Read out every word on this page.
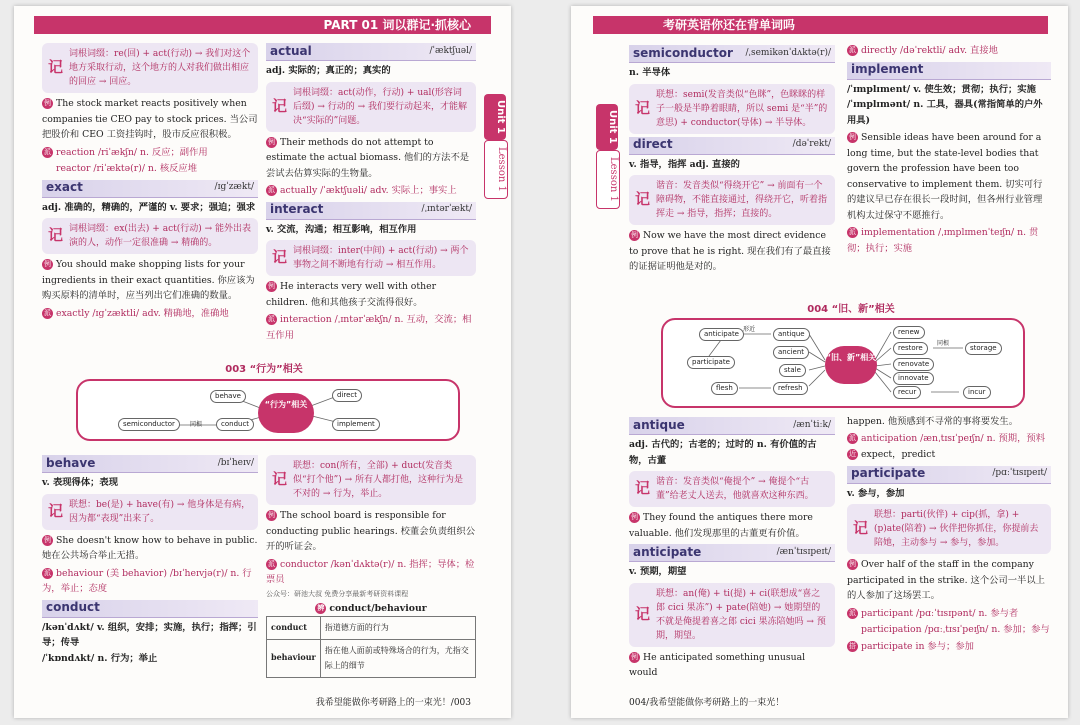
PART 01 词以群记·抓核心
Unit 1
Lesson 1
记
词根词缀：re(回) + act(行动) → 我们对这个地方采取行动，这个地方的人对我们做出相应的回应 → 回应。
例 The stock market reacts positively when companies tie CEO pay to stock prices. 当公司把股价和 CEO 工资挂钩时，股市反应很积极。
派 reaction /riˈækʃn/ n. 反应；副作用
reactor /riˈæktə(r)/ n. 核反应堆
exact	/ɪgˈzækt/
adj. 准确的，精确的，严谨的 v. 要求；强迫；强求
记 词根词缀：ex(出去) + act(行动) → 能外出表演的人，动作一定很准确 → 精确的。
例 You should make shopping lists for your ingredients in their exact quantities. 你应该为购买原料的清单时，应当列出它们准确的数量。
派 exactly /ɪgˈzæktli/ adv. 精确地，准确地
actual	/ˈæktʃuəl/
adj. 实际的；真正的；真实的
记
词根词缀：act(动作，行动) + ual(形容词后缀) → 行动的 → 我们要行动起来，才能解决“实际的”问题。
例 Their methods do not attempt to estimate the actual biomass. 他们的方法不是尝试去估算实际的生物量。
派 actually /ˈæktʃuəli/ adv. 实际上；事实上
interact	/ˌɪntərˈækt/
v. 交流，沟通；相互影响，相互作用
记 词根词缀：inter(中间) + act(行动) → 两个事物之间不断地有行动 → 相互作用。
例 He interacts very well with other children. 他和其他孩子交流得很好。
派 interaction /ˌɪntərˈækʃn/ n. 互动，交流；相互作用
003 “行为”相关
“行为”相关
behave
conduct
semiconductor
direct
implement
同根
behave	/bɪˈheɪv/
v. 表现得体；表现
记 联想：be(是) + have(有) → 他身体是有病，因为都“表现”出来了。
例 She doesn't know how to behave in public. 她在公共场合举止无措。
派 behaviour (美 behavior) /bɪˈheɪvjə(r)/ n. 行为，举止；态度
conduct
/kənˈdʌkt/ v. 组织，安排；实施，执行；指挥；引导；传导
/ˈkɒndʌkt/ n. 行为；举止
记
联想：con(所有，全部) + duct(发音类似“打个他”) → 所有人都打他，这种行为是不对的 → 行为，举止。
例 The school board is responsible for conducting public hearings. 校董会负责组织公开的听证会。
派 conductor /kənˈdʌktə(r)/ n. 指挥；导体；检票员
公众号：研池大叔 免费分享最新考研资料课程
辨 conduct/behaviour
conduct	指道德方面的行为
behaviour	指在他人面前或特殊场合的行为，尤指交际上的细节
我希望能做你考研路上的一束光！/003
考研英语你还在背单词吗
Unit 1
Lesson 1
semiconductor /ˌsemikənˈdʌktə(r)/
n. 半导体
记
联想：semi(发音类似“色眯”，色眯眯的样子一般是半睁着眼睛，所以 semi 是“半”的意思) + conductor(导体) → 半导体。
direct	/dəˈrekt/
v. 指导，指挥 adj. 直接的
记
谐音：发音类似“得绕开它” → 前面有一个障碍物，不能直接通过，得绕开它，听着指挥走 → 指导，指挥；直接的。
例 Now we have the most direct evidence to prove that he is right. 现在我们有了最直接的证据证明他是对的。
派 directly /dəˈrektli/ adv. 直接地
implement
/ˈɪmplɪment/ v. 使生效；贯彻；执行；实施
/ˈɪmplɪmənt/ n. 工具，器具(常指简单的户外用具)
例 Sensible ideas have been around for a long time, but the state-level bodies that govern the profession have been too conservative to implement them. 切实可行的建议早已存在很长一段时间，但各州行业管理机构太过保守不愿推行。
派 implementation /ˌɪmplɪmenˈteɪʃn/ n. 贯彻；执行；实施
004 “旧、新”相关
“旧、新”相关
anticipate
participate
antique
ancient
stale
refresh
flesh
renew
restore
renovate
innovate
recur	incur
storage
形近
同根
antique	/ænˈtiːk/
adj. 古代的；古老的；过时的 n. 有价值的古物，古董
记 谐音：发音类似“俺提个” → 俺提个“古董”给老丈人送去，他就喜欢这种东西。
例 They found the antiques there more valuable. 他们发现那里的古董更有价值。
anticipate	/ænˈtɪsɪpeɪt/
v. 预期，期望
记
联想：an(俺) + ti(提) + ci(联想成“喜之郎 cici 果冻”) + pate(陪她) → 她期望的不就是俺提着喜之郎 cici 果冻陪她吗 → 预期，期望。
例 He anticipated something unusual would
happen. 他预感到不寻常的事将要发生。
派 anticipation /ænˌtɪsɪˈpeɪʃn/ n. 预期，预料
近 expect，predict
participate	/pɑːˈtɪsɪpeɪt/
v. 参与，参加
记
联想：parti(伙伴) + cip(抓，拿) + (p)ate(陪着) → 伙伴把你抓住，你提前去陪她，主动参与 → 参与，参加。
例 Over half of the staff in the company participated in the strike. 这个公司一半以上的人参加了这场罢工。
派 participant /pɑːˈtɪsɪpənt/ n. 参与者
participation /pɑːˌtɪsɪˈpeɪʃn/ n. 参加；参与
搭 participate in 参与；参加
004/我希望能做你考研路上的一束光！
